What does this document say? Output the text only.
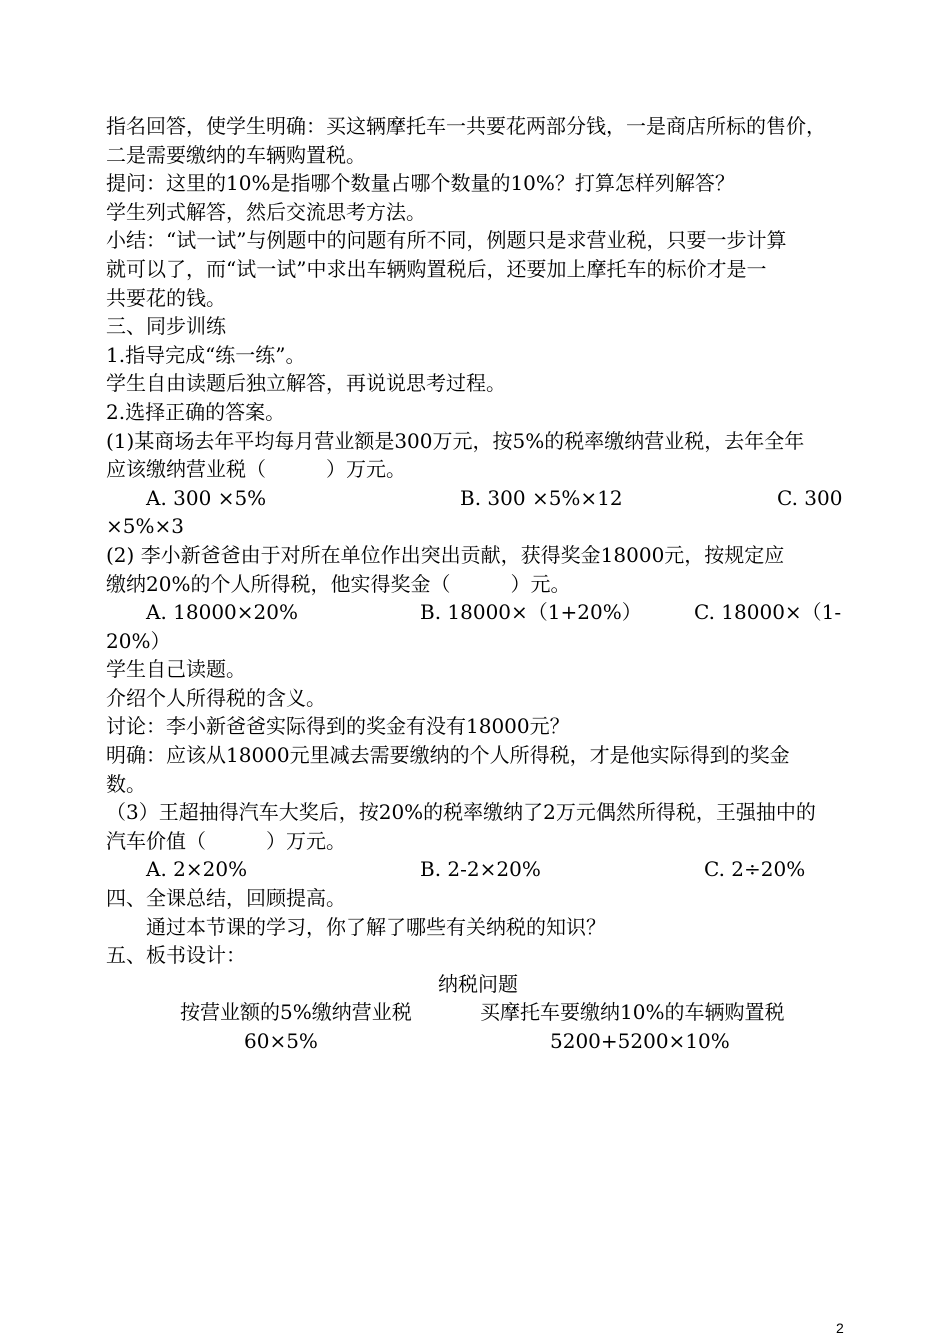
指名回答，使学生明确：买这辆摩托车一共要花两部分钱，一是商店所标的售价，
二是需要缴纳的车辆购置税。
提问：这里的10%是指哪个数量占哪个数量的10%？打算怎样列解答？
学生列式解答，然后交流思考方法。
小结：“试一试”与例题中的问题有所不同，例题只是求营业税，只要一步计算
就可以了，而“试一试”中求出车辆购置税后，还要加上摩托车的标价才是一
共要花的钱。
三、同步训练
1.指导完成“练一练”。
学生自由读题后独立解答，再说说思考过程。
2.选择正确的答案。
(1)某商场去年平均每月营业额是300万元，按5%的税率缴纳营业税，去年全年
应该缴纳营业税（　　　）万元。
A. 300 ×5%	B. 300 ×5%×12	C. 300
×5%×3
(2) 李小新爸爸由于对所在单位作出突出贡献，获得奖金18000元，按规定应
缴纳20%的个人所得税，他实得奖金（　　　）元。
A. 18000×20%	B. 18000×（1+20%）	C. 18000×（1-
20%）
学生自己读题。
介绍个人所得税的含义。
讨论：李小新爸爸实际得到的奖金有没有18000元？
明确：应该从18000元里减去需要缴纳的个人所得税，才是他实际得到的奖金
数。
（3）王超抽得汽车大奖后，按20%的税率缴纳了2万元偶然所得税，王强抽中的
汽车价值（　　　）万元。
A. 2×20%	B. 2-2×20%	C. 2÷20%
四、全课总结，回顾提高。
通过本节课的学习，你了解了哪些有关纳税的知识？
五、板书设计：
纳税问题
按营业额的5%缴纳营业税	买摩托车要缴纳10%的车辆购置税
60×5%	5200+5200×10%
2
